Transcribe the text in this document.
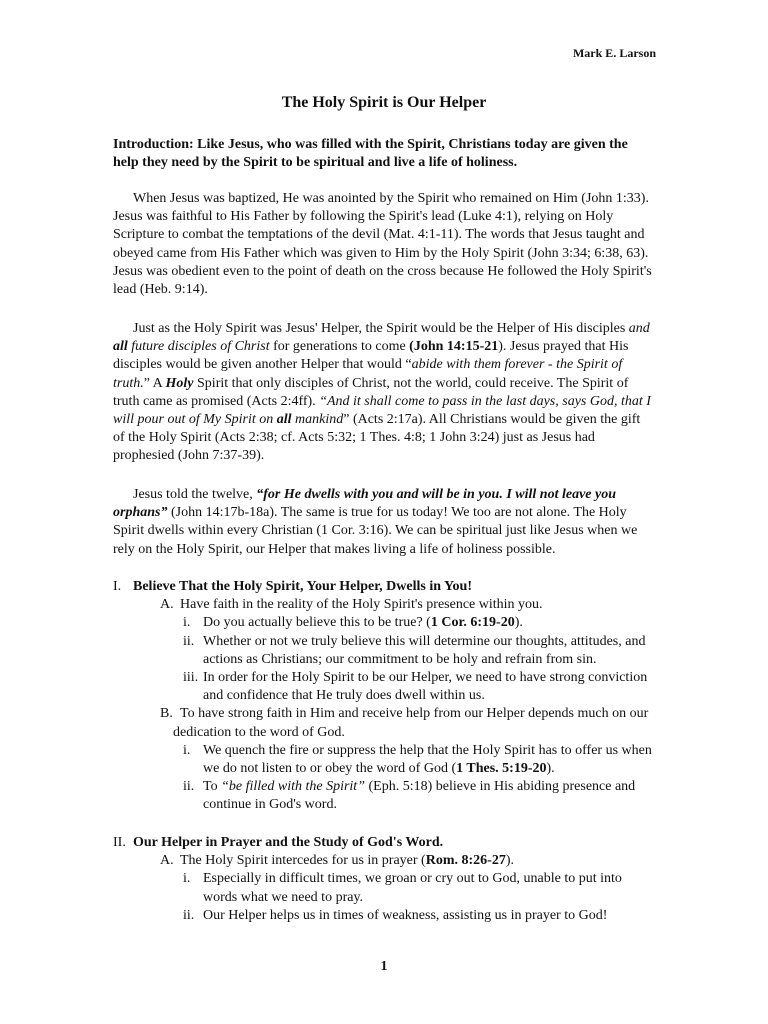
Mark E. Larson
The Holy Spirit is Our Helper
Introduction: Like Jesus, who was filled with the Spirit, Christians today are given the help they need by the Spirit to be spiritual and live a life of holiness.
When Jesus was baptized, He was anointed by the Spirit who remained on Him (John 1:33). Jesus was faithful to His Father by following the Spirit's lead (Luke 4:1), relying on Holy Scripture to combat the temptations of the devil (Mat. 4:1-11). The words that Jesus taught and obeyed came from His Father which was given to Him by the Holy Spirit (John 3:34; 6:38, 63). Jesus was obedient even to the point of death on the cross because He followed the Holy Spirit's lead (Heb. 9:14).
Just as the Holy Spirit was Jesus' Helper, the Spirit would be the Helper of His disciples and all future disciples of Christ for generations to come (John 14:15-21). Jesus prayed that His disciples would be given another Helper that would “abide with them forever - the Spirit of truth.” A Holy Spirit that only disciples of Christ, not the world, could receive. The Spirit of truth came as promised (Acts 2:4ff). “And it shall come to pass in the last days, says God, that I will pour out of My Spirit on all mankind” (Acts 2:17a). All Christians would be given the gift of the Holy Spirit (Acts 2:38; cf. Acts 5:32; 1 Thes. 4:8; 1 John 3:24) just as Jesus had prophesied (John 7:37-39).
Jesus told the twelve, “for He dwells with you and will be in you. I will not leave you orphans” (John 14:17b-18a). The same is true for us today! We too are not alone. The Holy Spirit dwells within every Christian (1 Cor. 3:16). We can be spiritual just like Jesus when we rely on the Holy Spirit, our Helper that makes living a life of holiness possible.
I. Believe That the Holy Spirit, Your Helper, Dwells in You!
A. Have faith in the reality of the Holy Spirit's presence within you.
i. Do you actually believe this to be true? (1 Cor. 6:19-20).
ii. Whether or not we truly believe this will determine our thoughts, attitudes, and actions as Christians; our commitment to be holy and refrain from sin.
iii. In order for the Holy Spirit to be our Helper, we need to have strong conviction and confidence that He truly does dwell within us.
B. To have strong faith in Him and receive help from our Helper depends much on our dedication to the word of God.
i. We quench the fire or suppress the help that the Holy Spirit has to offer us when we do not listen to or obey the word of God (1 Thes. 5:19-20).
ii. To “be filled with the Spirit” (Eph. 5:18) believe in His abiding presence and continue in God's word.
II. Our Helper in Prayer and the Study of God's Word.
A. The Holy Spirit intercedes for us in prayer (Rom. 8:26-27).
i. Especially in difficult times, we groan or cry out to God, unable to put into words what we need to pray.
ii. Our Helper helps us in times of weakness, assisting us in prayer to God!
1
